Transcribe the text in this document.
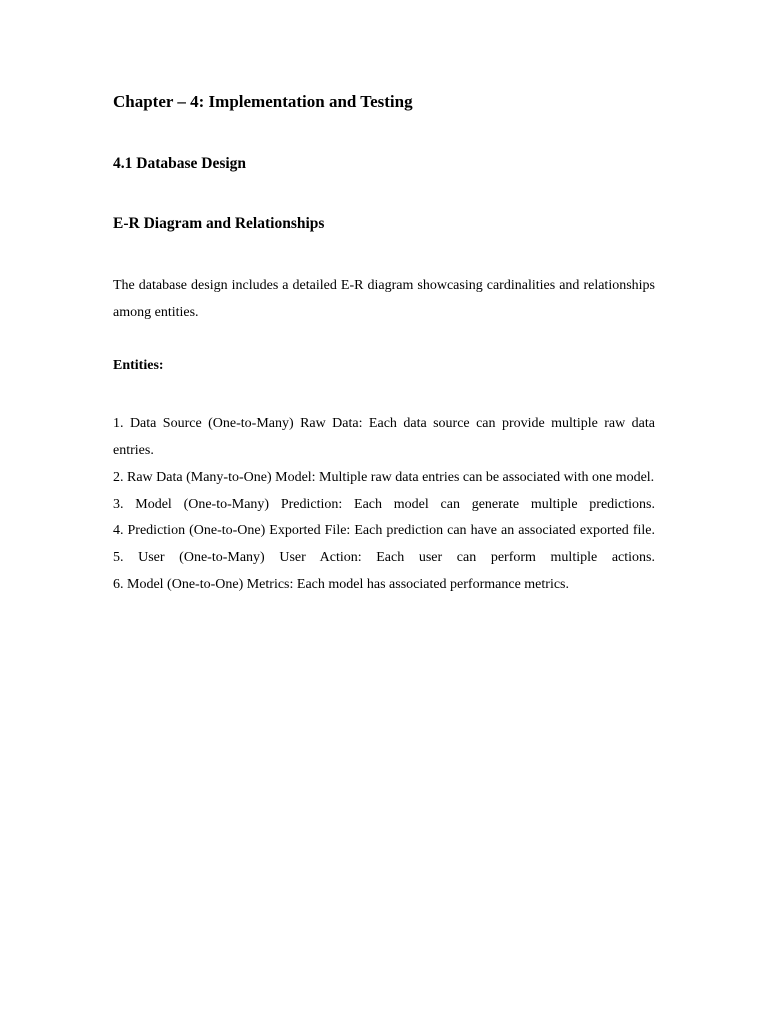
Chapter – 4: Implementation and Testing
4.1 Database Design
E-R Diagram and Relationships

The database design includes a detailed E-R diagram showcasing cardinalities and relationships among entities.

Entities:

1. Data Source (One-to-Many) Raw Data: Each data source can provide multiple raw data entries.
2. Raw Data (Many-to-One) Model: Multiple raw data entries can be associated with one model.
3. Model (One-to-Many) Prediction: Each model can generate multiple predictions.
4. Prediction (One-to-One) Exported File: Each prediction can have an associated exported file.
5. User (One-to-Many) User Action: Each user can perform multiple actions.
6. Model (One-to-One) Metrics: Each model has associated performance metrics.
